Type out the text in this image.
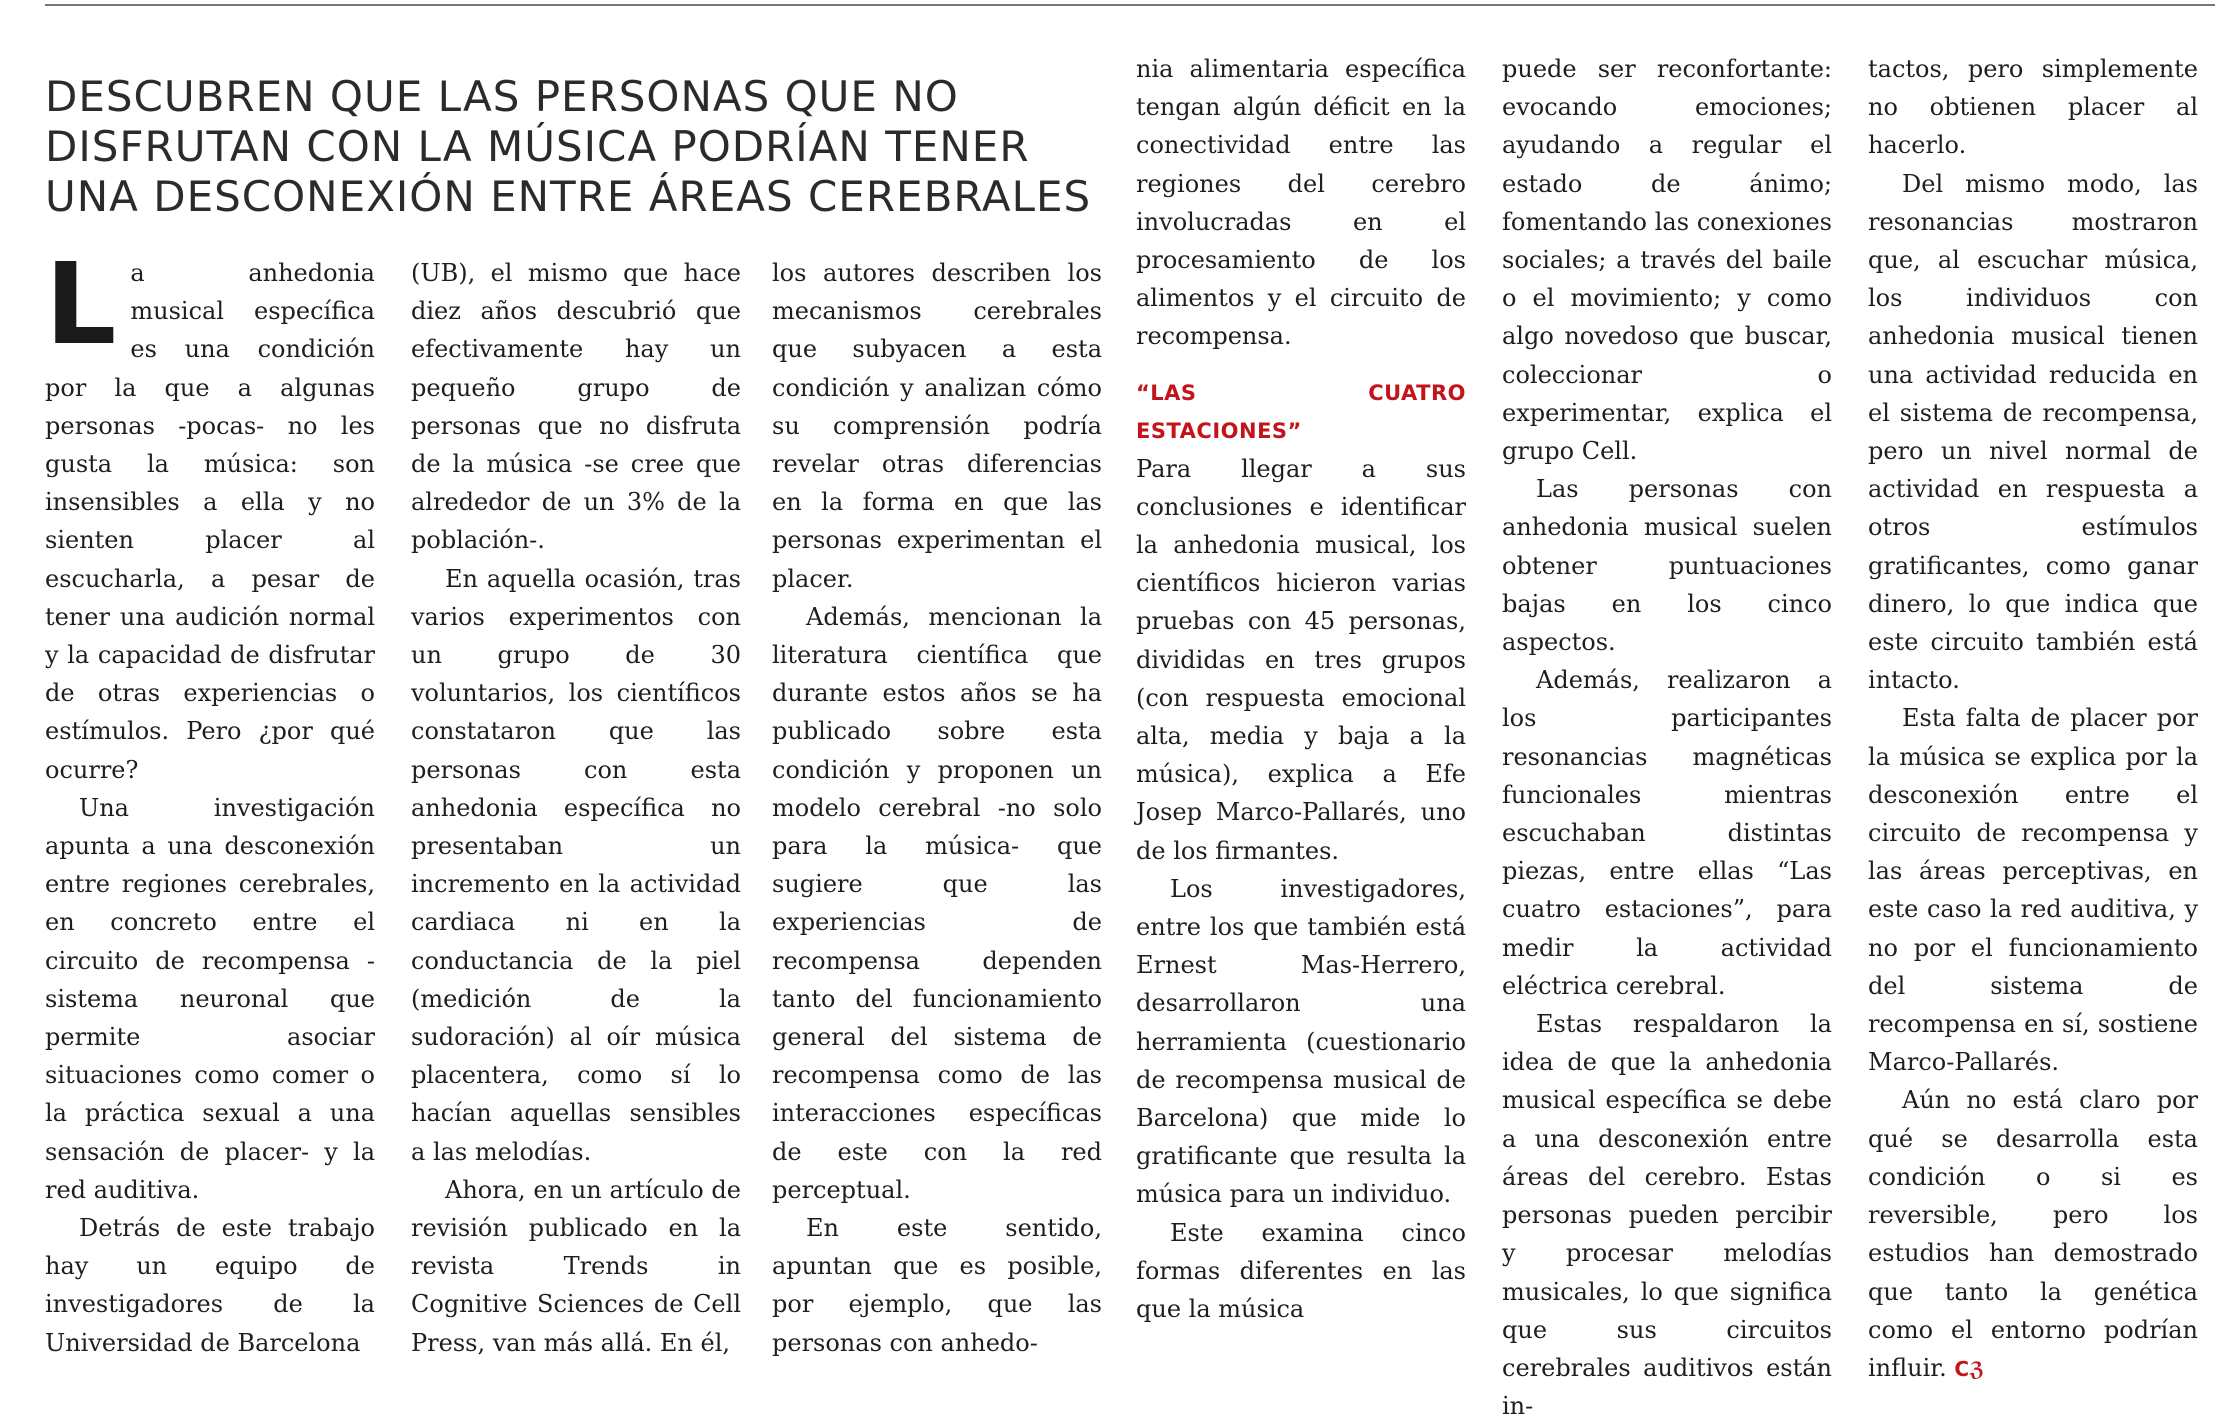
DESCUBREN QUE LAS PERSONAS QUE NO DISFRUTAN CON LA MÚSICA PODRÍAN TENER UNA DESCONEXIÓN ENTRE ÁREAS CEREBRALES

La anhedonia musical específica es una condición por la que a algunas personas -pocas- no les gusta la música: son insensibles a ella y no sienten placer al escucharla, a pesar de tener una audición normal y la capacidad de disfrutar de otras experiencias o estímulos. Pero ¿por qué ocurre?

Una investigación apunta a una desconexión entre regiones cerebrales, en concreto entre el circuito de recompensa -sistema neuronal que permite asociar situaciones como comer o la práctica sexual a una sensación de placer- y la red auditiva.

Detrás de este trabajo hay un equipo de investigadores de la Universidad de Barcelona

(UB), el mismo que hace diez años descubrió que efectivamente hay un pequeño grupo de personas que no disfruta de la música -se cree que alrededor de un 3% de la población-.

En aquella ocasión, tras varios experimentos con un grupo de 30 voluntarios, los científicos constataron que las personas con esta anhedonia específica no presentaban un incremento en la actividad cardiaca ni en la conductancia de la piel (medición de la sudoración) al oír música placentera, como sí lo hacían aquellas sensibles a las melodías.

Ahora, en un artículo de revisión publicado en la revista Trends in Cognitive Sciences de Cell Press, van más allá. En él,

los autores describen los mecanismos cerebrales que subyacen a esta condición y analizan cómo su comprensión podría revelar otras diferencias en la forma en que las personas experimentan el placer.

Además, mencionan la literatura científica que durante estos años se ha publicado sobre esta condición y proponen un modelo cerebral -no solo para la música- que sugiere que las experiencias de recompensa dependen tanto del funcionamiento general del sistema de recompensa como de las interacciones específicas de este con la red perceptual.

En este sentido, apuntan que es posible, por ejemplo, que las personas con anhedo-

nia alimentaria específica tengan algún déficit en la conectividad entre las regiones del cerebro involucradas en el procesamiento de los alimentos y el circuito de recompensa.

“LAS CUATRO ESTACIONES”

Para llegar a sus conclusiones e identificar la anhedonia musical, los científicos hicieron varias pruebas con 45 personas, divididas en tres grupos (con respuesta emocional alta, media y baja a la música), explica a Efe Josep Marco-Pallarés, uno de los firmantes.

Los investigadores, entre los que también está Ernest Mas-Herrero, desarrollaron una herramienta (cuestionario de recompensa musical de Barcelona) que mide lo gratificante que resulta la música para un individuo.

Este examina cinco formas diferentes en las que la música

puede ser reconfortante: evocando emociones; ayudando a regular el estado de ánimo; fomentando las conexiones sociales; a través del baile o el movimiento; y como algo novedoso que buscar, coleccionar o experimentar, explica el grupo Cell.

Las personas con anhedonia musical suelen obtener puntuaciones bajas en los cinco aspectos.

Además, realizaron a los participantes resonancias magnéticas funcionales mientras escuchaban distintas piezas, entre ellas “Las cuatro estaciones”, para medir la actividad eléctrica cerebral.

Estas respaldaron la idea de que la anhedonia musical específica se debe a una desconexión entre áreas del cerebro. Estas personas pueden percibir y procesar melodías musicales, lo que significa que sus circuitos cerebrales auditivos están in-

tactos, pero simplemente no obtienen placer al hacerlo.

Del mismo modo, las resonancias mostraron que, al escuchar música, los individuos con anhedonia musical tienen una actividad reducida en el sistema de recompensa, pero un nivel normal de actividad en respuesta a otros estímulos gratificantes, como ganar dinero, lo que indica que este circuito también está intacto.

Esta falta de placer por la música se explica por la desconexión entre el circuito de recompensa y las áreas perceptivas, en este caso la red auditiva, y no por el funcionamiento del sistema de recompensa en sí, sostiene Marco-Pallarés.

Aún no está claro por qué se desarrolla esta condición o si es reversible, pero los estudios han demostrado que tanto la genética como el entorno podrían influir. Cℨ
